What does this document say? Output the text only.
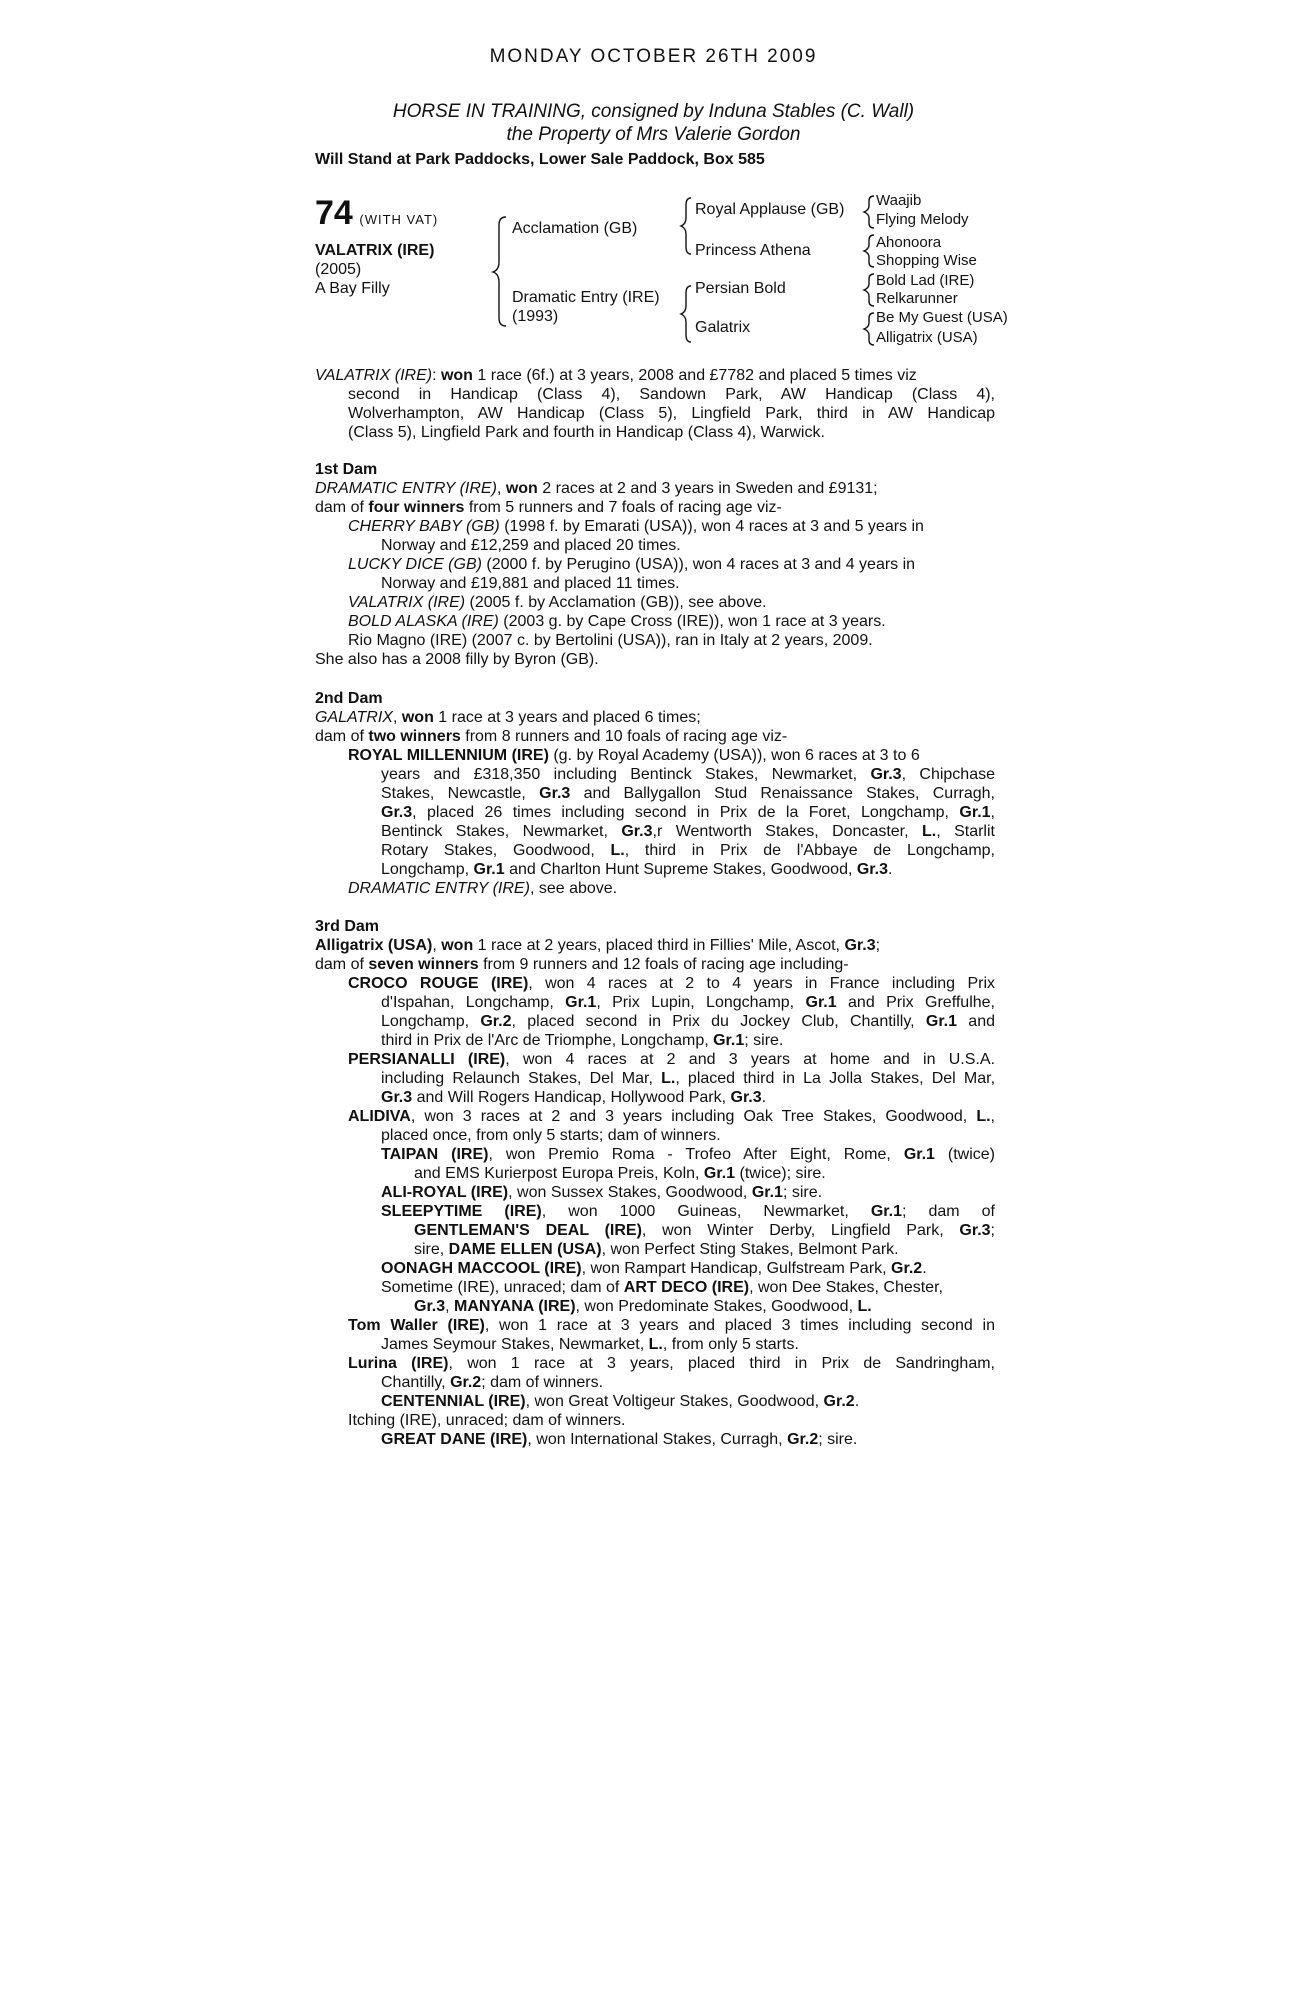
MONDAY OCTOBER 26TH 2009
HORSE IN TRAINING, consigned by Induna Stables (C. Wall)
the Property of Mrs Valerie Gordon
Will Stand at Park Paddocks, Lower Sale Paddock, Box 585
74 (WITH VAT)
VALATRIX (IRE)
(2005)
A Bay Filly
Acclamation (GB)
Dramatic Entry (IRE)
(1993)
Royal Applause (GB)
Princess Athena
Persian Bold
Galatrix
Waajib
Flying Melody
Ahonoora
Shopping Wise
Bold Lad (IRE)
Relkarunner
Be My Guest (USA)
Alligatrix (USA)
VALATRIX (IRE): won 1 race (6f.) at 3 years, 2008 and £7782 and placed 5 times viz
second in Handicap (Class 4), Sandown Park, AW Handicap (Class 4),
Wolverhampton, AW Handicap (Class 5), Lingfield Park, third in AW Handicap
(Class 5), Lingfield Park and fourth in Handicap (Class 4), Warwick.
1st Dam
DRAMATIC ENTRY (IRE), won 2 races at 2 and 3 years in Sweden and £9131;
dam of four winners from 5 runners and 7 foals of racing age viz-
CHERRY BABY (GB) (1998 f. by Emarati (USA)), won 4 races at 3 and 5 years in
Norway and £12,259 and placed 20 times.
LUCKY DICE (GB) (2000 f. by Perugino (USA)), won 4 races at 3 and 4 years in
Norway and £19,881 and placed 11 times.
VALATRIX (IRE) (2005 f. by Acclamation (GB)), see above.
BOLD ALASKA (IRE) (2003 g. by Cape Cross (IRE)), won 1 race at 3 years.
Rio Magno (IRE) (2007 c. by Bertolini (USA)), ran in Italy at 2 years, 2009.
She also has a 2008 filly by Byron (GB).
2nd Dam
GALATRIX, won 1 race at 3 years and placed 6 times;
dam of two winners from 8 runners and 10 foals of racing age viz-
ROYAL MILLENNIUM (IRE) (g. by Royal Academy (USA)), won 6 races at 3 to 6
years and £318,350 including Bentinck Stakes, Newmarket, Gr.3, Chipchase
Stakes, Newcastle, Gr.3 and Ballygallon Stud Renaissance Stakes, Curragh,
Gr.3, placed 26 times including second in Prix de la Foret, Longchamp, Gr.1,
Bentinck Stakes, Newmarket, Gr.3,r Wentworth Stakes, Doncaster, L., Starlit
Rotary Stakes, Goodwood, L., third in Prix de l'Abbaye de Longchamp,
Longchamp, Gr.1 and Charlton Hunt Supreme Stakes, Goodwood, Gr.3.
DRAMATIC ENTRY (IRE), see above.
3rd Dam
Alligatrix (USA), won 1 race at 2 years, placed third in Fillies' Mile, Ascot, Gr.3;
dam of seven winners from 9 runners and 12 foals of racing age including-
CROCO ROUGE (IRE), won 4 races at 2 to 4 years in France including Prix
d'Ispahan, Longchamp, Gr.1, Prix Lupin, Longchamp, Gr.1 and Prix Greffulhe,
Longchamp, Gr.2, placed second in Prix du Jockey Club, Chantilly, Gr.1 and
third in Prix de l'Arc de Triomphe, Longchamp, Gr.1; sire.
PERSIANALLI (IRE), won 4 races at 2 and 3 years at home and in U.S.A.
including Relaunch Stakes, Del Mar, L., placed third in La Jolla Stakes, Del Mar,
Gr.3 and Will Rogers Handicap, Hollywood Park, Gr.3.
ALIDIVA, won 3 races at 2 and 3 years including Oak Tree Stakes, Goodwood, L.,
placed once, from only 5 starts; dam of winners.
TAIPAN (IRE), won Premio Roma - Trofeo After Eight, Rome, Gr.1 (twice)
and EMS Kurierpost Europa Preis, Koln, Gr.1 (twice); sire.
ALI-ROYAL (IRE), won Sussex Stakes, Goodwood, Gr.1; sire.
SLEEPYTIME (IRE), won 1000 Guineas, Newmarket, Gr.1; dam of
GENTLEMAN'S DEAL (IRE), won Winter Derby, Lingfield Park, Gr.3;
sire, DAME ELLEN (USA), won Perfect Sting Stakes, Belmont Park.
OONAGH MACCOOL (IRE), won Rampart Handicap, Gulfstream Park, Gr.2.
Sometime (IRE), unraced; dam of ART DECO (IRE), won Dee Stakes, Chester,
Gr.3, MANYANA (IRE), won Predominate Stakes, Goodwood, L.
Tom Waller (IRE), won 1 race at 3 years and placed 3 times including second in
James Seymour Stakes, Newmarket, L., from only 5 starts.
Lurina (IRE), won 1 race at 3 years, placed third in Prix de Sandringham,
Chantilly, Gr.2; dam of winners.
CENTENNIAL (IRE), won Great Voltigeur Stakes, Goodwood, Gr.2.
Itching (IRE), unraced; dam of winners.
GREAT DANE (IRE), won International Stakes, Curragh, Gr.2; sire.
